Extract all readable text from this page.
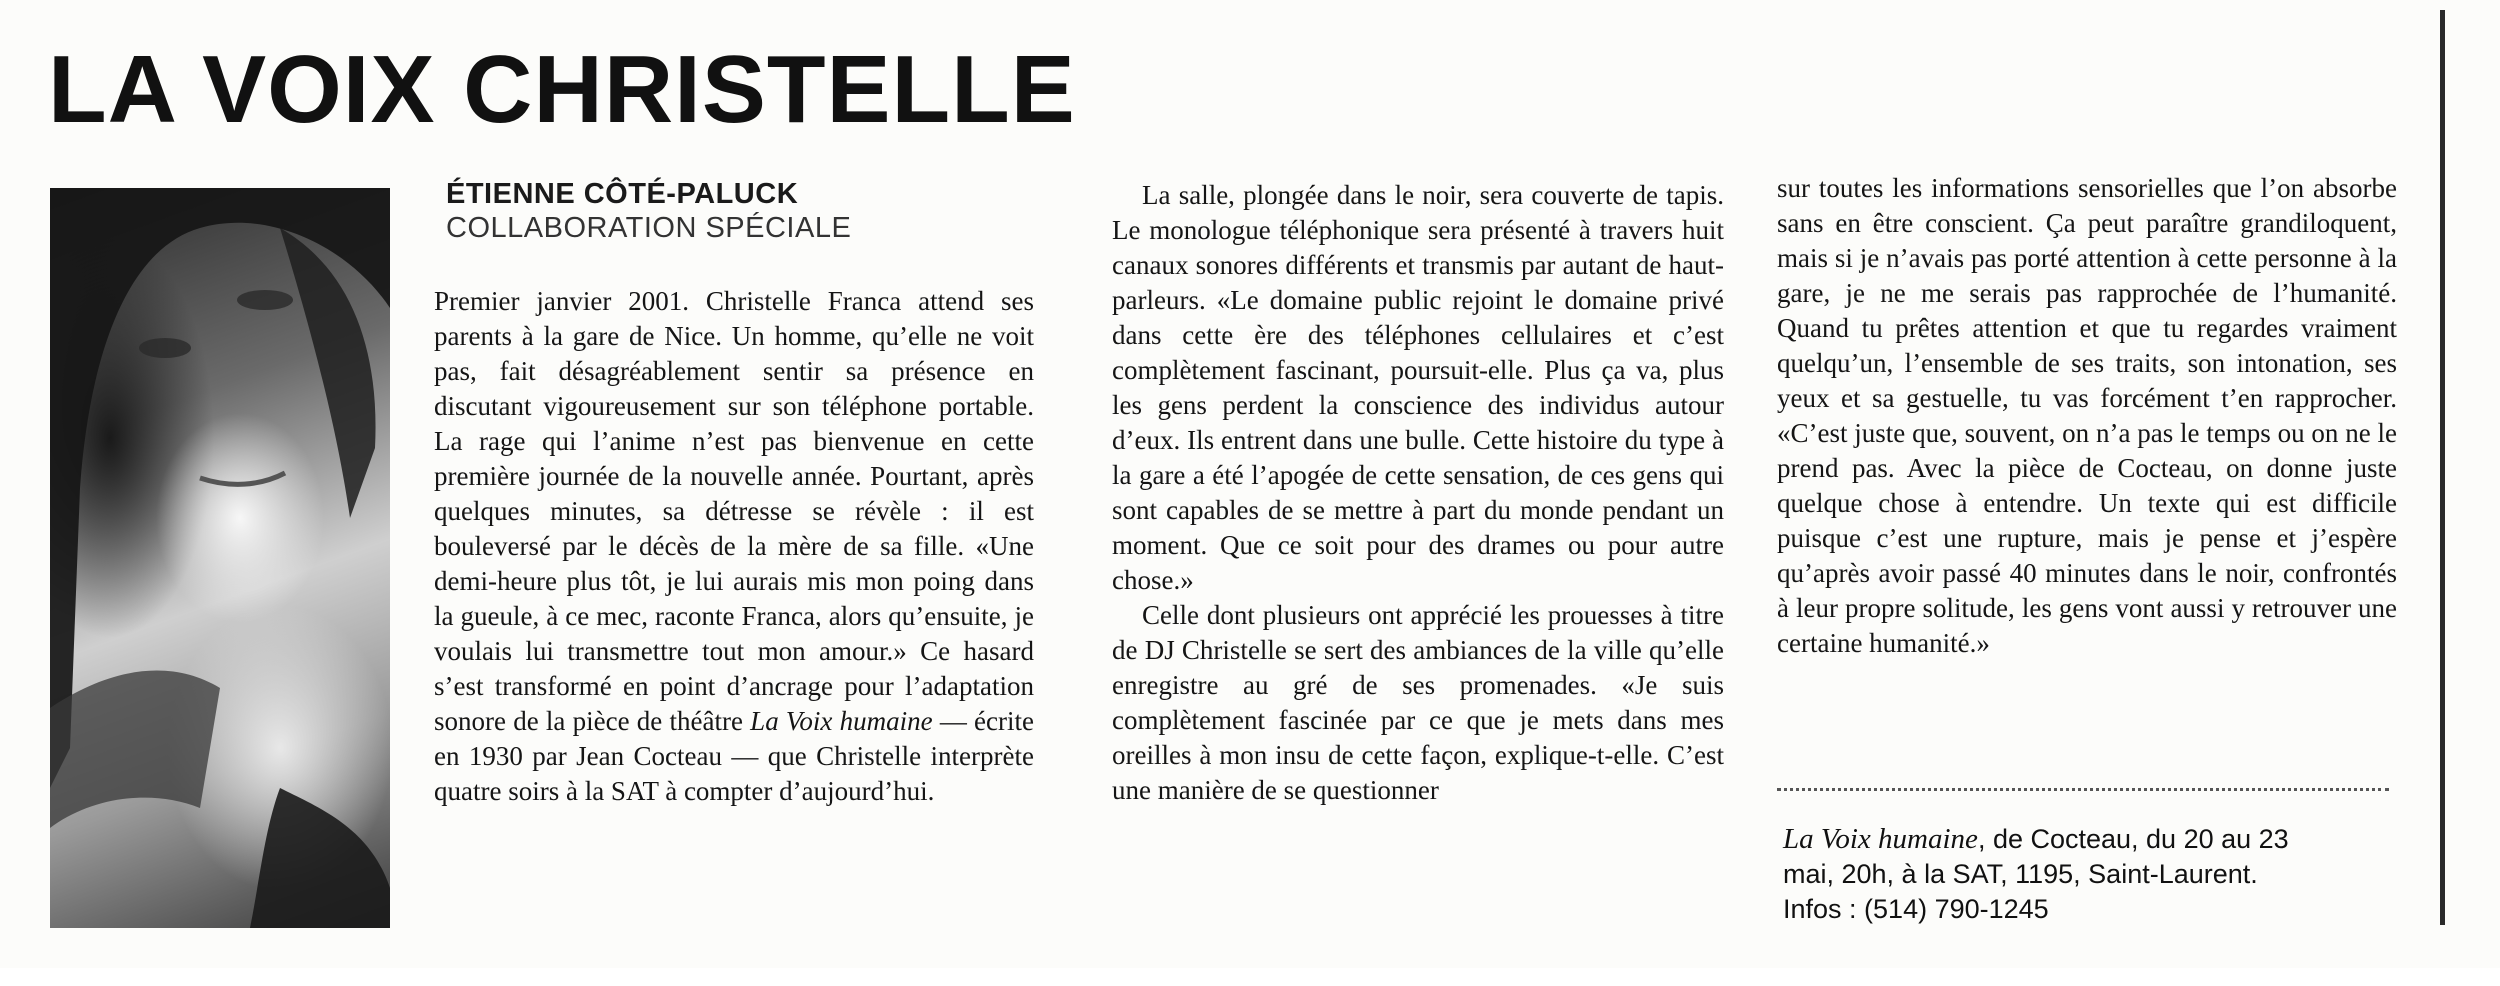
LA VOIX CHRISTELLE
ÉTIENNE CÔTÉ-PALUCK
COLLABORATION SPÉCIALE

Premier janvier 2001. Christelle Franca attend ses parents à la gare de Nice. Un homme, qu’elle ne voit pas, fait désagréablement sentir sa présence en discutant vigoureusement sur son téléphone portable. La rage qui l’anime n’est pas bienvenue en cette première journée de la nouvelle année. Pourtant, après quelques minutes, sa détresse se révèle : il est bouleversé par le décès de la mère de sa fille. «Une demi-heure plus tôt, je lui aurais mis mon poing dans la gueule, à ce mec, raconte Franca, alors qu’ensuite, je voulais lui transmettre tout mon amour.» Ce hasard s’est transformé en point d’ancrage pour l’adaptation sonore de la pièce de théâtre La Voix humaine — écrite en 1930 par Jean Cocteau — que Christelle interprète quatre soirs à la SAT à compter d’aujourd’hui.

La salle, plongée dans le noir, sera couverte de tapis. Le monologue téléphonique sera présenté à travers huit canaux sonores différents et transmis par autant de haut-parleurs. «Le domaine public rejoint le domaine privé dans cette ère des téléphones cellulaires et c’est complètement fascinant, poursuit-elle. Plus ça va, plus les gens perdent la conscience des individus autour d’eux. Ils entrent dans une bulle. Cette histoire du type à la gare a été l’apogée de cette sensation, de ces gens qui sont capables de se mettre à part du monde pendant un moment. Que ce soit pour des drames ou pour autre chose.»

Celle dont plusieurs ont apprécié les prouesses à titre de DJ Christelle se sert des ambiances de la ville qu’elle enregistre au gré de ses promenades. «Je suis complètement fascinée par ce que je mets dans mes oreilles à mon insu de cette façon, explique-t-elle. C’est une manière de se questionner

sur toutes les informations sensorielles que l’on absorbe sans en être conscient. Ça peut paraître grandiloquent, mais si je n’avais pas porté attention à cette personne à la gare, je ne me serais pas rapprochée de l’humanité. Quand tu prêtes attention et que tu regardes vraiment quelqu’un, l’ensemble de ses traits, son intonation, ses yeux et sa gestuelle, tu vas forcément t’en rapprocher. «C’est juste que, souvent, on n’a pas le temps ou on ne le prend pas. Avec la pièce de Cocteau, on donne juste quelque chose à entendre. Un texte qui est difficile puisque c’est une rupture, mais je pense et j’espère qu’après avoir passé 40 minutes dans le noir, confrontés à leur propre solitude, les gens vont aussi y retrouver une certaine humanité.»

La Voix humaine, de Cocteau, du 20 au 23
mai, 20h, à la SAT, 1195, Saint-Laurent.
Infos : (514) 790-1245
